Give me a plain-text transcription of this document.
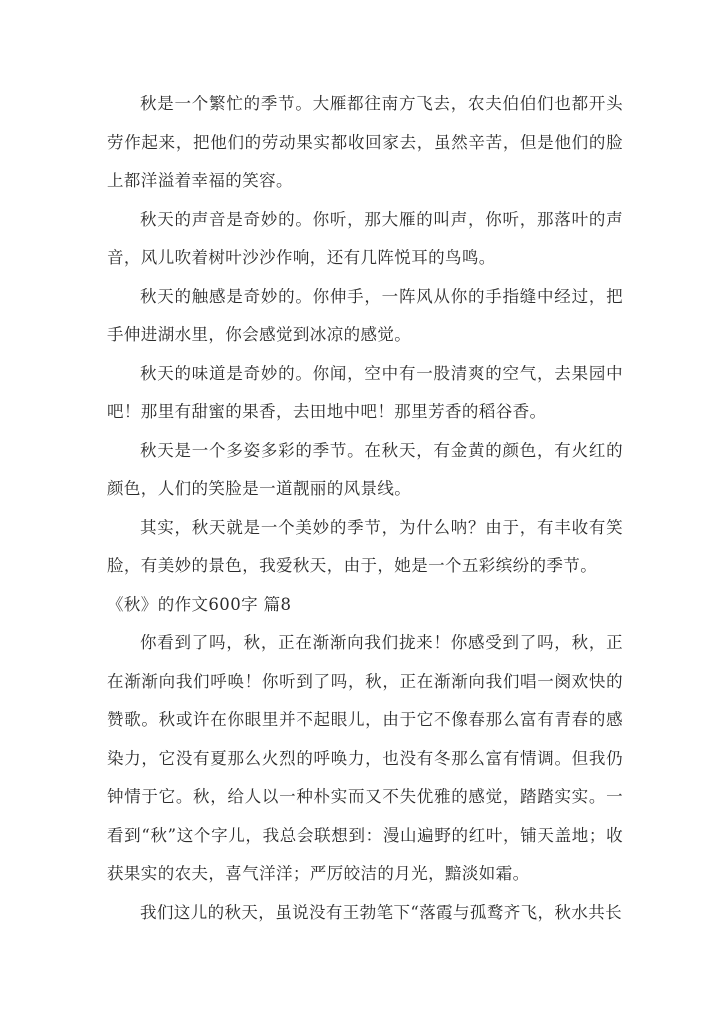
秋是一个繁忙的季节。大雁都往南方飞去，农夫伯伯们也都开头劳作起来，把他们的劳动果实都收回家去，虽然辛苦，但是他们的脸上都洋溢着幸福的笑容。

秋天的声音是奇妙的。你听，那大雁的叫声，你听，那落叶的声音，风儿吹着树叶沙沙作响，还有几阵悦耳的鸟鸣。

秋天的触感是奇妙的。你伸手，一阵风从你的手指缝中经过，把手伸进湖水里，你会感觉到冰凉的感觉。

秋天的味道是奇妙的。你闻，空中有一股清爽的空气，去果园中吧！那里有甜蜜的果香，去田地中吧！那里芳香的稻谷香。

秋天是一个多姿多彩的季节。在秋天，有金黄的颜色，有火红的颜色，人们的笑脸是一道靓丽的风景线。

其实，秋天就是一个美妙的季节，为什么呐？由于，有丰收有笑脸，有美妙的景色，我爱秋天，由于，她是一个五彩缤纷的季节。

《秋》的作文600字 篇8

你看到了吗，秋，正在渐渐向我们拢来！你感受到了吗，秋，正在渐渐向我们呼唤！你听到了吗，秋，正在渐渐向我们唱一阕欢快的赞歌。秋或许在你眼里并不起眼儿，由于它不像春那么富有青春的感染力，它没有夏那么火烈的呼唤力，也没有冬那么富有情调。但我仍钟情于它。秋，给人以一种朴实而又不失优雅的感觉，踏踏实实。一看到“秋”这个字儿，我总会联想到：漫山遍野的红叶，铺天盖地；收获果实的农夫，喜气洋洋；严厉皎洁的月光，黯淡如霜。

我们这儿的秋天，虽说没有王勃笔下“落霞与孤鹜齐飞，秋水共长
